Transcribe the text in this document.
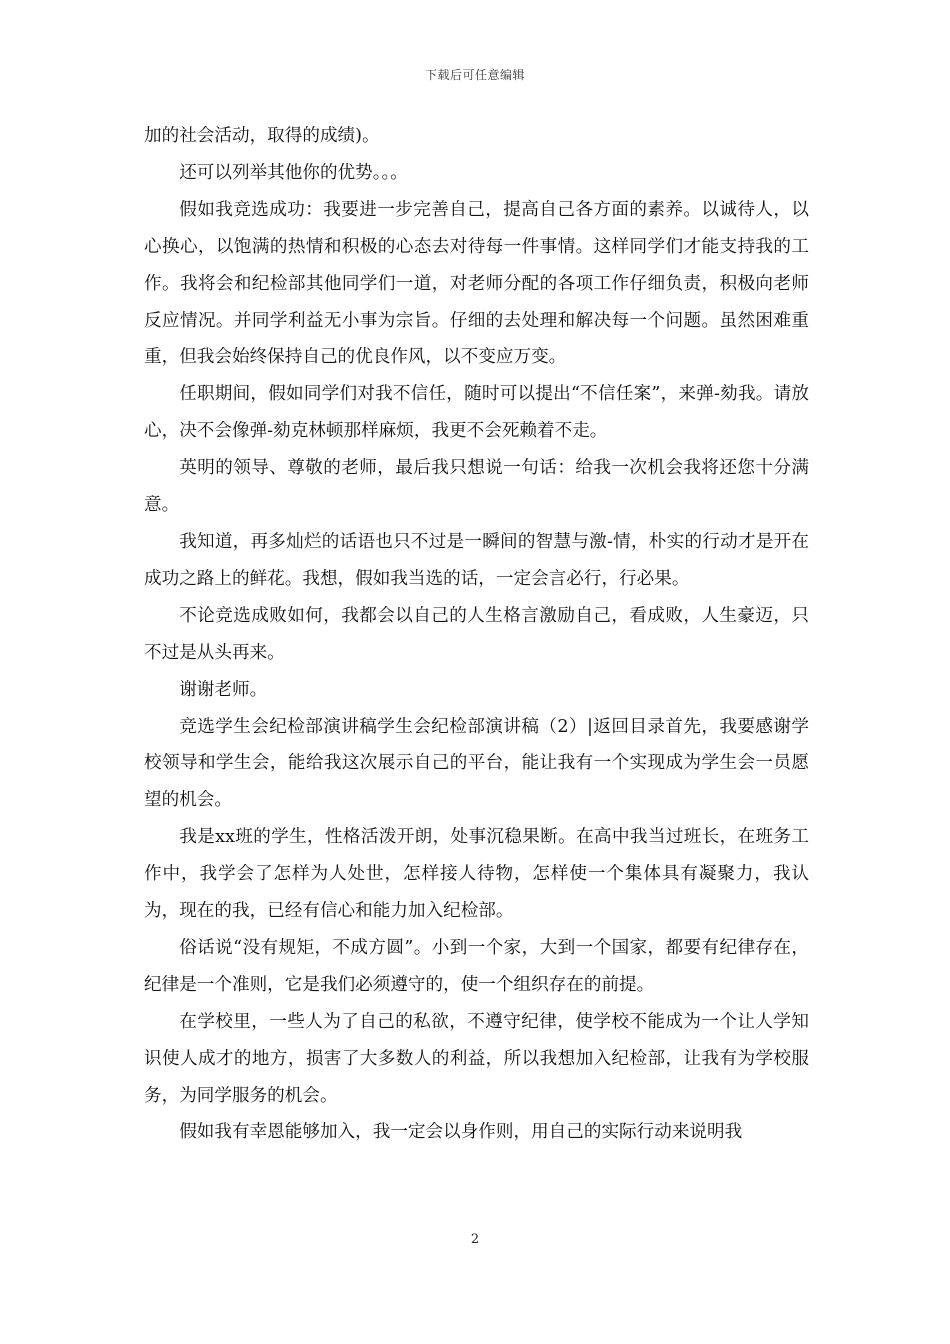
下载后可任意编辑

加的社会活动，取得的成绩)。

还可以列举其他你的优势。。。

假如我竞选成功：我要进一步完善自己，提高自己各方面的素养。以诚待人，以心换心，以饱满的热情和积极的心态去对待每一件事情。这样同学们才能支持我的工作。我将会和纪检部其他同学们一道，对老师分配的各项工作仔细负责，积极向老师反应情况。并同学利益无小事为宗旨。仔细的去处理和解决每一个问题。虽然困难重重，但我会始终保持自己的优良作风，以不变应万变。

任职期间，假如同学们对我不信任，随时可以提出“不信任案”，来弹-劾我。请放心，决不会像弹-劾克林顿那样麻烦，我更不会死赖着不走。

英明的领导、尊敬的老师，最后我只想说一句话：给我一次机会我将还您十分满意。

我知道，再多灿烂的话语也只不过是一瞬间的智慧与激-情，朴实的行动才是开在成功之路上的鲜花。我想，假如我当选的话，一定会言必行，行必果。

不论竞选成败如何，我都会以自己的人生格言激励自己，看成败，人生豪迈，只不过是从头再来。

谢谢老师。

竞选学生会纪检部演讲稿学生会纪检部演讲稿（2）|返回目录首先，我要感谢学校领导和学生会，能给我这次展示自己的平台，能让我有一个实现成为学生会一员愿望的机会。

我是xx班的学生，性格活泼开朗，处事沉稳果断。在高中我当过班长，在班务工作中，我学会了怎样为人处世，怎样接人待物，怎样使一个集体具有凝聚力，我认为，现在的我，已经有信心和能力加入纪检部。

俗话说“没有规矩，不成方圆”。小到一个家，大到一个国家，都要有纪律存在，纪律是一个准则，它是我们必须遵守的，使一个组织存在的前提。

在学校里，一些人为了自己的私欲，不遵守纪律，使学校不能成为一个让人学知识使人成才的地方，损害了大多数人的利益，所以我想加入纪检部，让我有为学校服务，为同学服务的机会。

假如我有幸恩能够加入，我一定会以身作则，用自己的实际行动来说明我

2
